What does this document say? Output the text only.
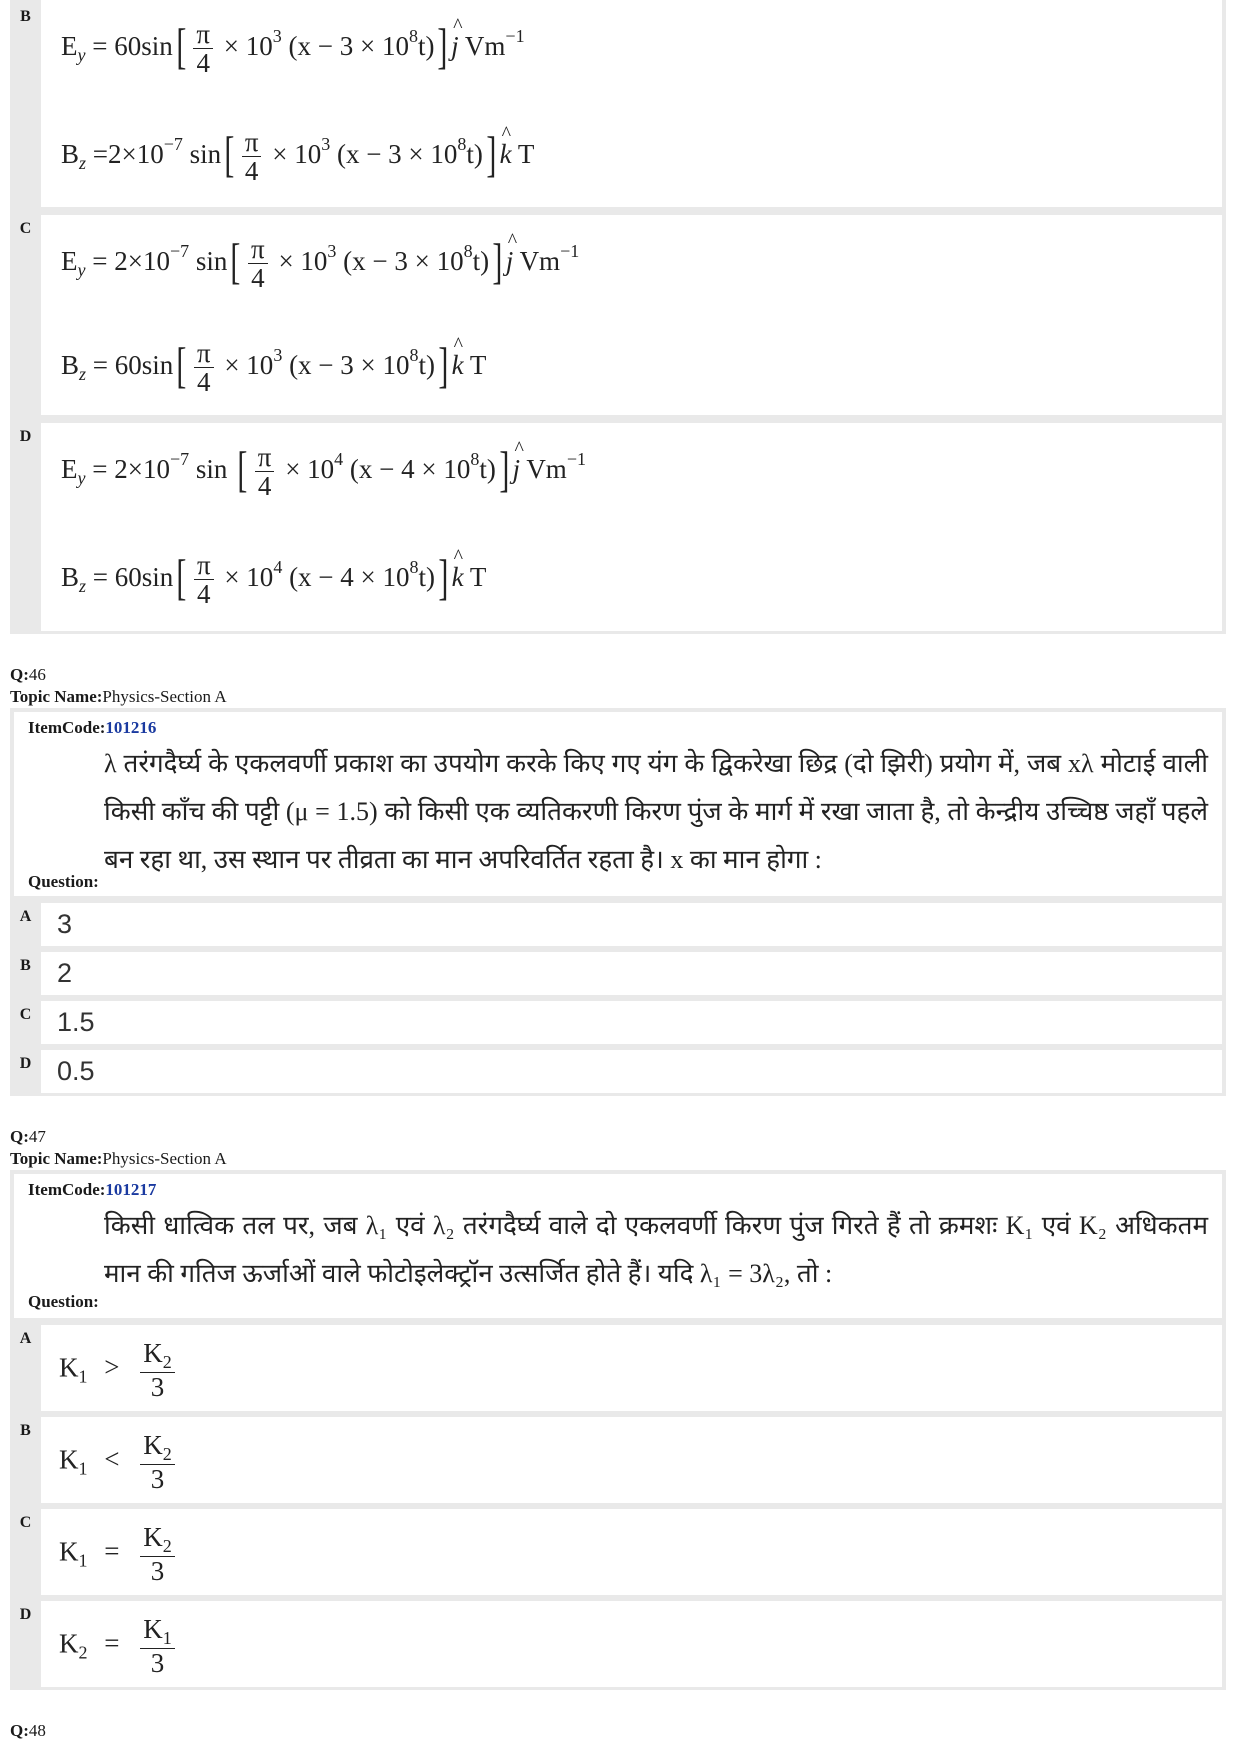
B
$E_y = 60\sin[ \frac{\pi}{4} \times 10^3$ $(x - 3 \times 10^8t)]\^{}$ j $Vm^{-1}$
$B_z =2\times 10^{-7}$ $\sin[ \frac{\pi}{4} \times 10^3$ $(x - 3 \times 10^8t)]\^{}$ k T
C
$E_y = 2\times 10^{-7}$ $\sin[ \frac{\pi}{4} \times 10^3$ $(x - 3 \times 10^8t)]\^{}$ j $Vm^{-1}$
$B_z = 60\sin[ \frac{\pi}{4} \times 10^3$ $(x - 3 \times 10^8t)]\^{}$ k T
D
$E_y = 2\times 10^{-7}$ sin [ $\frac{\pi}{4} \times 10^4$ $(x - 4 \times 10^8t)]\^{}$ j $Vm^{-1}$
$B_z = 60\sin[ \frac{\pi}{4} \times 10^4$ $(x - 4 \times 10^8t)]\^{}$ k T
Q:46
Topic Name:Physics-Section A
ItemCode:101216
λ तरंगदैर्घ्य के एकलवर्णी प्रकाश का उपयोग करके किए गए यंग के द्विकरेखा छिद्र (दो झिरी) प्रयोग में, जब xλ मोटाई वाली किसी काँच की पट्टी (μ = 1.5) को किसी एक व्यतिकरणी किरण पुंज के मार्ग में रखा जाता है, तो केन्द्रीय उच्चिष्ठ जहाँ पहले बन रहा था, उस स्थान पर तीव्रता का मान अपरिवर्तित रहता है। x का मान होगा :
Question:
A 3
B 2
C 1.5
D 0.5
Q:47
Topic Name:Physics-Section A
ItemCode:101217
किसी धात्विक तल पर, जब λ₁ एवं λ₂ तरंगदैर्घ्य वाले दो एकलवर्णी किरण पुंज गिरते हैं तो क्रमशः K₁ एवं K₂ अधिकतम मान की गतिज ऊर्जाओं वाले फोटोइलेक्ट्रॉन उत्सर्जित होते हैं। यदि λ₁ = 3λ₂, तो :
Question:
A
$K_1 > \frac{K_2}{3}$
B
$K_1 < \frac{K_2}{3}$
C
$K_1 = \frac{K_2}{3}$
D
$K_2 = \frac{K_1}{3}$
Q:48
